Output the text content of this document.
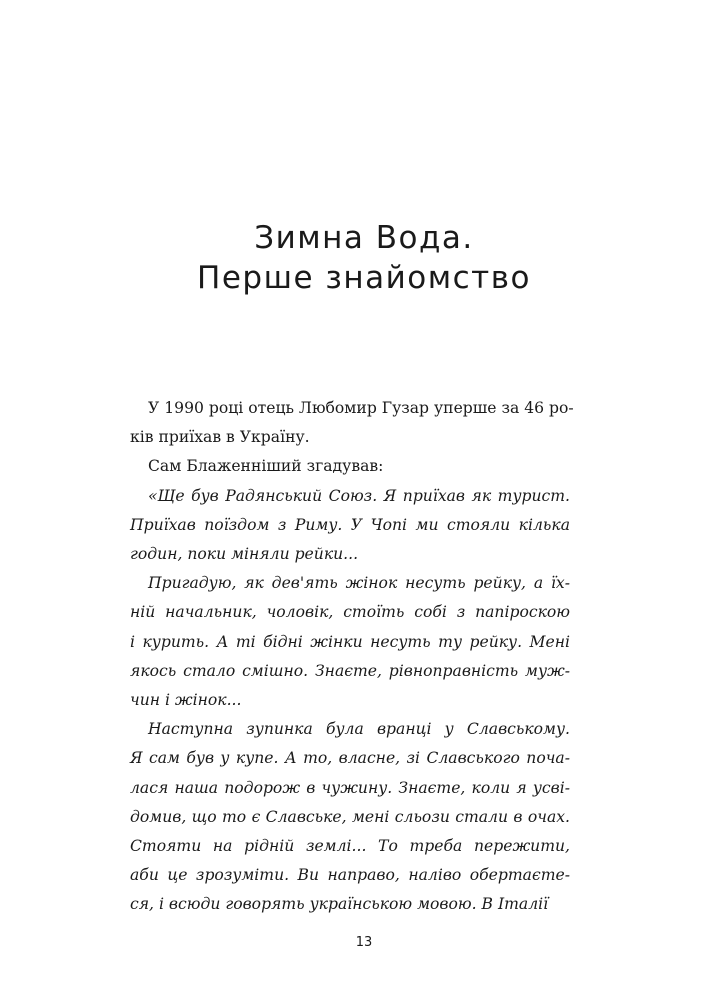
Зимна Вода.
Перше знайомство
У 1990 році отець Любомир Гузар уперше за 46 ро-
ків приїхав в Україну.
Сам Блаженніший згадував:
«Ще був Радянський Союз. Я приїхав як турист.
Приїхав поїздом з Риму. У Чопі ми стояли кілька
годин, поки міняли рейки...
Пригадую, як дев'ять жінок несуть рейку, а їх-
ній начальник, чоловік, стоїть собі з папіроскою
і курить. А ті бідні жінки несуть ту рейку. Мені
якось стало смішно. Знаєте, рівноправність муж-
чин і жінок...
Наступна зупинка була вранці у Славському.
Я сам був у купе. А то, власне, зі Славського поча-
лася наша подорож в чужину. Знаєте, коли я усві-
домив, що то є Славське, мені сльози стали в очах.
Стояти на рідній землі... То треба пережити,
аби це зрозуміти. Ви направо, наліво обертаєте-
ся, і всюди говорять українською мовою. В Італії
13
